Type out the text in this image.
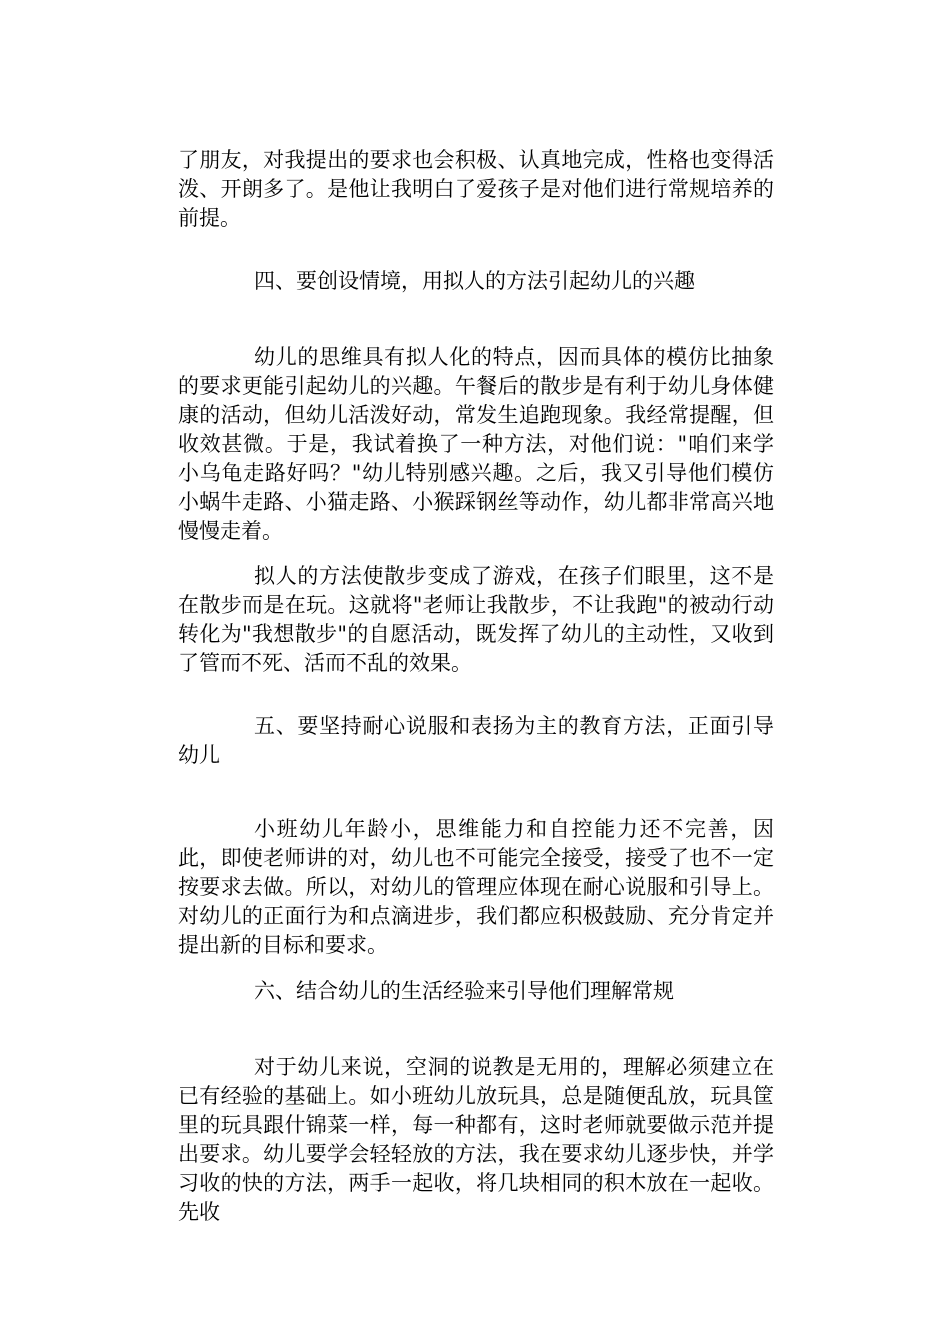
了朋友，对我提出的要求也会积极、认真地完成，性格也变得活泼、开朗多了。是他让我明白了爱孩子是对他们进行常规培养的前提。

四、要创设情境，用拟人的方法引起幼儿的兴趣

幼儿的思维具有拟人化的特点，因而具体的模仿比抽象的要求更能引起幼儿的兴趣。午餐后的散步是有利于幼儿身体健康的活动，但幼儿活泼好动，常发生追跑现象。我经常提醒，但收效甚微。于是，我试着换了一种方法，对他们说："咱们来学小乌龟走路好吗？"幼儿特别感兴趣。之后，我又引导他们模仿小蜗牛走路、小猫走路、小猴踩钢丝等动作，幼儿都非常高兴地慢慢走着。

拟人的方法使散步变成了游戏，在孩子们眼里，这不是在散步而是在玩。这就将"老师让我散步，不让我跑"的被动行动转化为"我想散步"的自愿活动，既发挥了幼儿的主动性，又收到了管而不死、活而不乱的效果。

五、要坚持耐心说服和表扬为主的教育方法，正面引导幼儿

小班幼儿年龄小，思维能力和自控能力还不完善，因此，即使老师讲的对，幼儿也不可能完全接受，接受了也不一定按要求去做。所以，对幼儿的管理应体现在耐心说服和引导上。对幼儿的正面行为和点滴进步，我们都应积极鼓励、充分肯定并提出新的目标和要求。

六、结合幼儿的生活经验来引导他们理解常规

对于幼儿来说，空洞的说教是无用的，理解必须建立在已有经验的基础上。如小班幼儿放玩具，总是随便乱放，玩具筐里的玩具跟什锦菜一样，每一种都有，这时老师就要做示范并提出要求。幼儿要学会轻轻放的方法，我在要求幼儿逐步快，并学习收的快的方法，两手一起收，将几块相同的积木放在一起收。先收
